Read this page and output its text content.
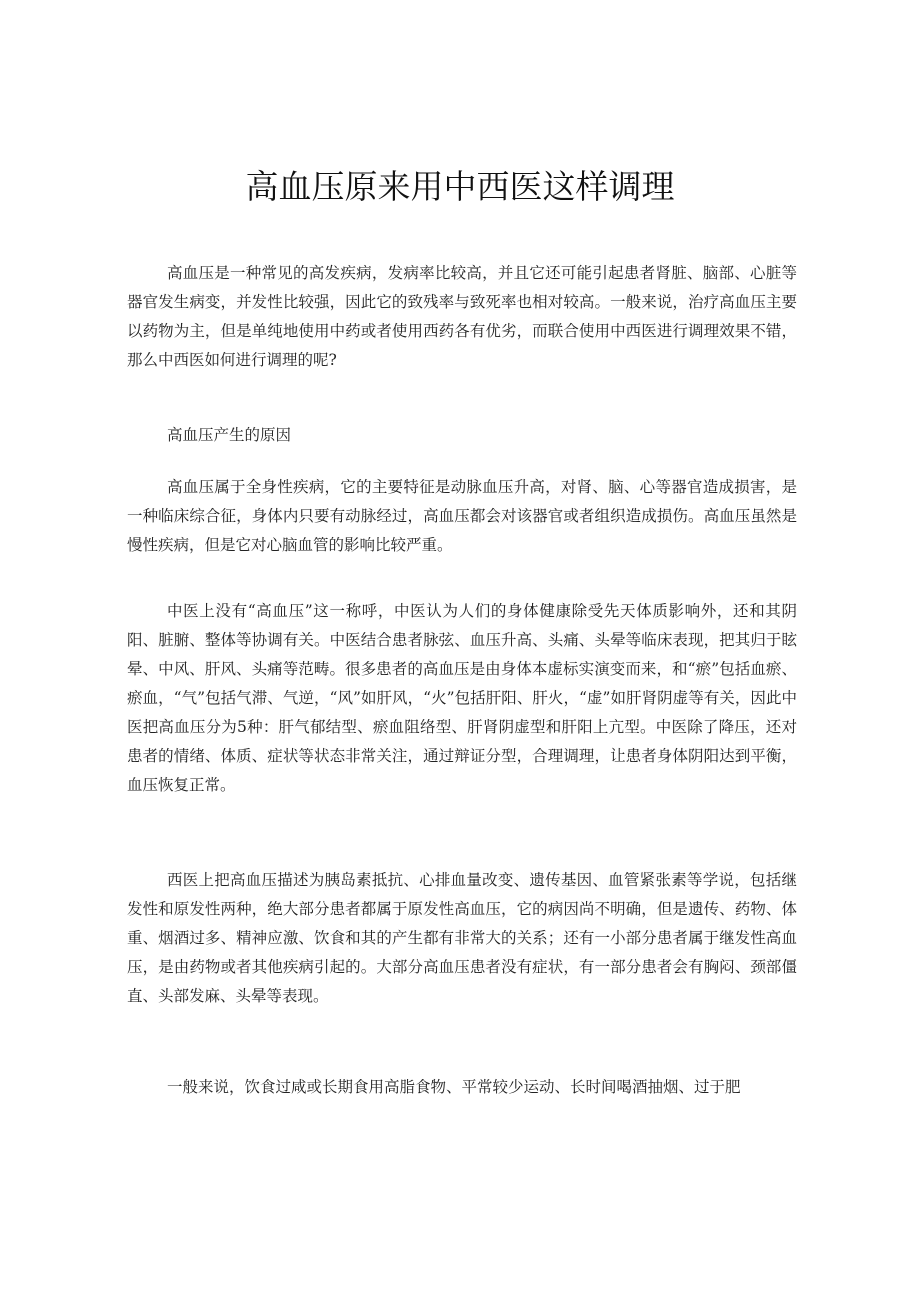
高血压原来用中西医这样调理

高血压是一种常见的高发疾病，发病率比较高，并且它还可能引起患者肾脏、脑部、心脏等器官发生病变，并发性比较强，因此它的致残率与致死率也相对较高。一般来说，治疗高血压主要以药物为主，但是单纯地使用中药或者使用西药各有优劣，而联合使用中西医进行调理效果不错，那么中西医如何进行调理的呢?

高血压产生的原因

高血压属于全身性疾病，它的主要特征是动脉血压升高，对肾、脑、心等器官造成损害，是一种临床综合征，身体内只要有动脉经过，高血压都会对该器官或者组织造成损伤。高血压虽然是慢性疾病，但是它对心脑血管的影响比较严重。

中医上没有“高血压”这一称呼，中医认为人们的身体健康除受先天体质影响外，还和其阴阳、脏腑、整体等协调有关。中医结合患者脉弦、血压升高、头痛、头晕等临床表现，把其归于眩晕、中风、肝风、头痛等范畴。很多患者的高血压是由身体本虚标实演变而来，和“瘀”包括血瘀、瘀血，“气”包括气滞、气逆，“风”如肝风，“火”包括肝阳、肝火，“虚”如肝肾阴虚等有关，因此中医把高血压分为5种：肝气郁结型、瘀血阻络型、肝肾阴虚型和肝阳上亢型。中医除了降压，还对患者的情绪、体质、症状等状态非常关注，通过辩证分型，合理调理，让患者身体阴阳达到平衡，血压恢复正常。

西医上把高血压描述为胰岛素抵抗、心排血量改变、遗传基因、血管紧张素等学说，包括继发性和原发性两种，绝大部分患者都属于原发性高血压，它的病因尚不明确，但是遗传、药物、体重、烟酒过多、精神应激、饮食和其的产生都有非常大的关系；还有一小部分患者属于继发性高血压，是由药物或者其他疾病引起的。大部分高血压患者没有症状，有一部分患者会有胸闷、颈部僵直、头部发麻、头晕等表现。

一般来说，饮食过咸或长期食用高脂食物、平常较少运动、长时间喝酒抽烟、过于肥
